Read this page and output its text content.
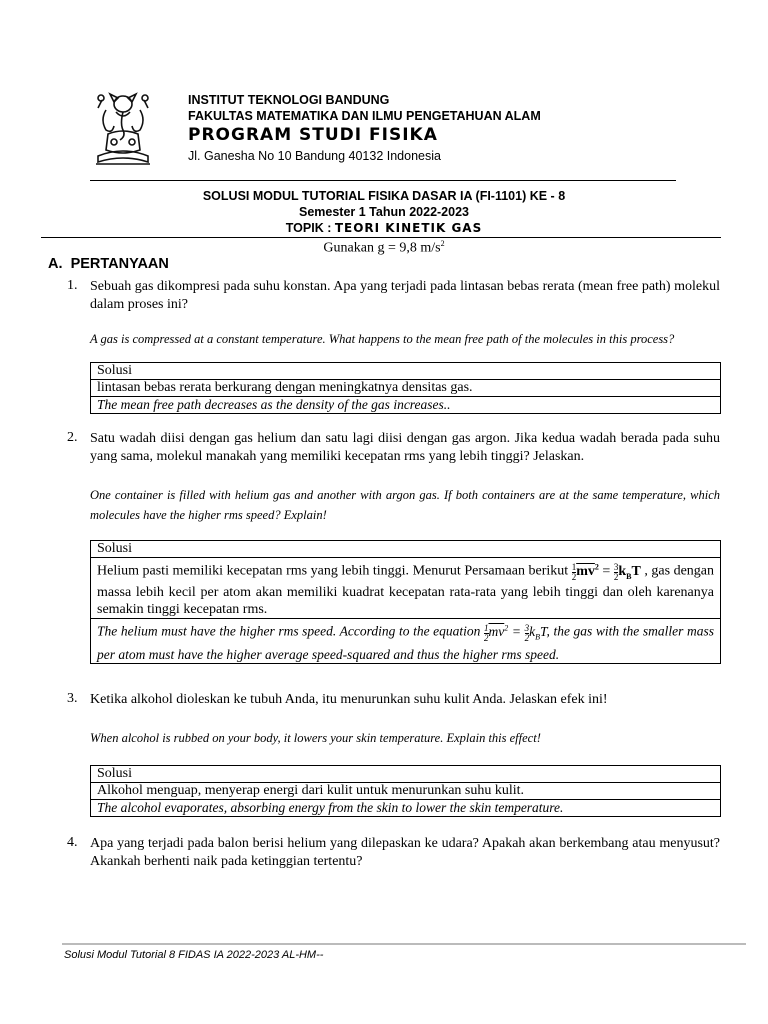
INSTITUT TEKNOLOGI BANDUNG
FAKULTAS MATEMATIKA DAN ILMU PENGETAHUAN ALAM
PROGRAM STUDI FISIKA
Jl. Ganesha No 10 Bandung 40132 Indonesia
SOLUSI MODUL TUTORIAL FISIKA DASAR IA (FI-1101) KE - 8
Semester 1 Tahun 2022-2023
TOPIK : TEORI KINETIK GAS
Gunakan g = 9,8 $m/s^2$
A. PERTANYAAN
1. Sebuah gas dikompresi pada suhu konstan. Apa yang terjadi pada lintasan bebas rerata (mean free path) molekul dalam proses ini?
A gas is compressed at a constant temperature. What happens to the mean free path of the molecules in this process?
Solusi
lintasan bebas rerata berkurang dengan meningkatnya densitas gas.
The mean free path decreases as the density of the gas increases..
2. Satu wadah diisi dengan gas helium dan satu lagi diisi dengan gas argon. Jika kedua wadah berada pada suhu yang sama, molekul manakah yang memiliki kecepatan rms yang lebih tinggi? Jelaskan.
One container is filled with helium gas and another with argon gas. If both containers are at the same temperature, which molecules have the higher rms speed? Explain!
Solusi
Helium pasti memiliki kecepatan rms yang lebih tinggi. Menurut Persamaan berikut $\frac{1}{2} \overline{mv}^2 = \frac{3}{2} k_BT$ , gas dengan massa lebih kecil per atom akan memiliki kuadrat kecepatan rata-rata yang lebih tinggi dan oleh karenanya semakin tinggi kecepatan rms.
The helium must have the higher rms speed. According to the equation $\frac{1}{2} \overline{mv}^2 = \frac{3}{2} k_BT$, the gas with the smaller mass per atom must have the higher average speed-squared and thus the higher rms speed.
3. Ketika alkohol dioleskan ke tubuh Anda, itu menurunkan suhu kulit Anda. Jelaskan efek ini!
When alcohol is rubbed on your body, it lowers your skin temperature. Explain this effect!
Solusi
Alkohol menguap, menyerap energi dari kulit untuk menurunkan suhu kulit.
The alcohol evaporates, absorbing energy from the skin to lower the skin temperature.
4. Apa yang terjadi pada balon berisi helium yang dilepaskan ke udara? Apakah akan berkembang atau menyusut? Akankah berhenti naik pada ketinggian tertentu?
Solusi Modul Tutorial 8 FIDAS IA 2022-2023 AL-HM--
